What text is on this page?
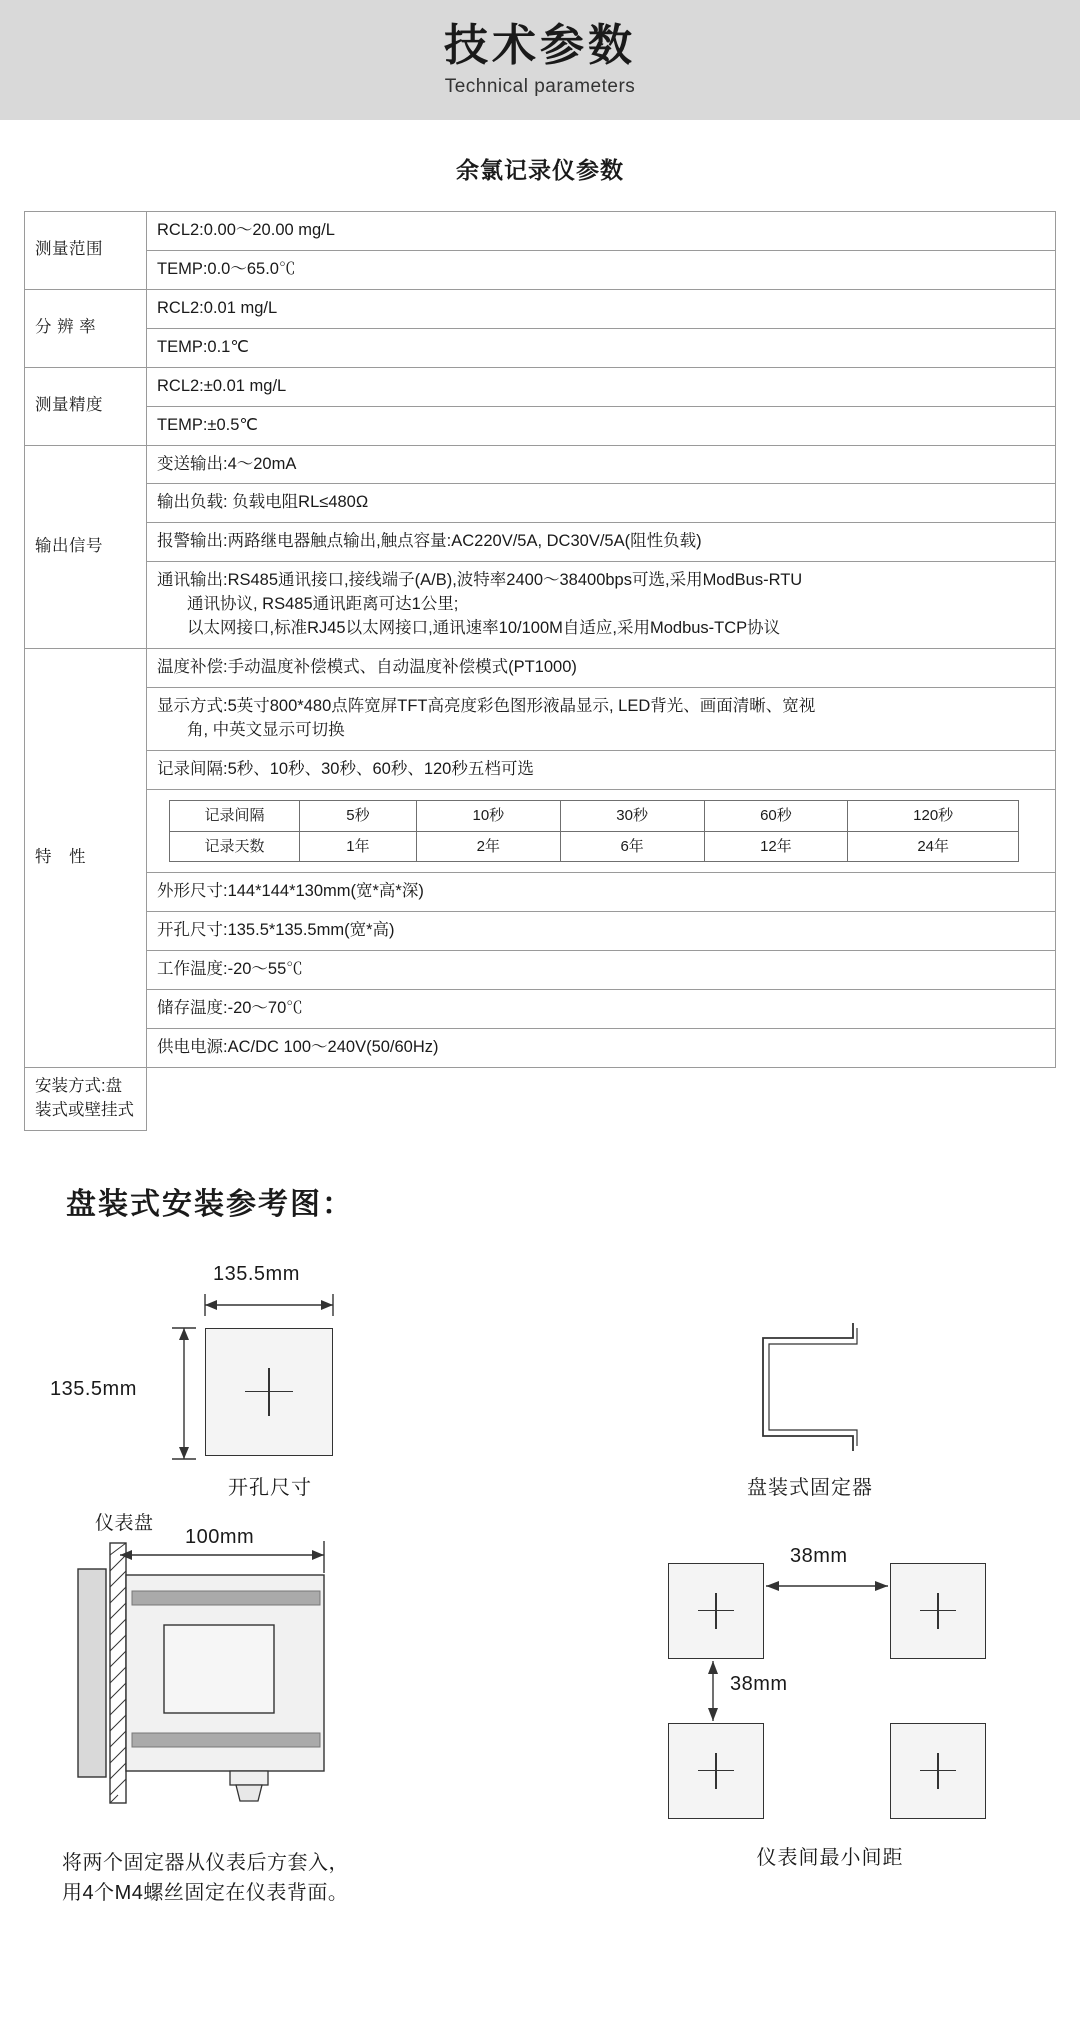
技术参数
Technical parameters
余氯记录仪参数
测量范围	RCL2:0.00～20.00 mg/L
TEMP:0.0～65.0℃
分 辨 率	RCL2:0.01 mg/L
TEMP:0.1℃
测量精度	RCL2:±0.01 mg/L
TEMP:±0.5℃
输出信号	变送输出:4～20mA
输出负载: 负载电阻RL≤480Ω
报警输出:两路继电器触点输出,触点容量:AC220V/5A, DC30V/5A(阻性负载)
通讯输出:RS485通讯接口,接线端子(A/B),波特率2400～38400bps可选,采用ModBus-RTU
通讯协议, RS485通讯距离可达1公里;
以太网接口,标准RJ45以太网接口,通讯速率10/100M自适应,采用Modbus-TCP协议

特　性	温度补偿:手动温度补偿模式、自动温度补偿模式(PT1000)
显示方式:5英寸800*480点阵宽屏TFT高亮度彩色图形液晶显示, LED背光、画面清晰、宽视
角, 中英文显示可切换

记录间隔:5秒、10秒、30秒、60秒、120秒五档可选

记录间隔	5秒	10秒	30秒	60秒	120秒
记录天数	1年	2年	6年	12年	24年

外形尺寸:144*144*130mm(宽*高*深)
开孔尺寸:135.5*135.5mm(宽*高)
工作温度:-20～55℃
储存温度:-20～70℃
供电电源:AC/DC 100～240V(50/60Hz)
安装方式:盘装式或壁挂式
盘装式安装参考图：
135.5mm
135.5mm
开孔尺寸	盘装式固定器
仪表盘
100mm
将两个固定器从仪表后方套入，
用4个M4螺丝固定在仪表背面。
38mm
38mm
仪表间最小间距
